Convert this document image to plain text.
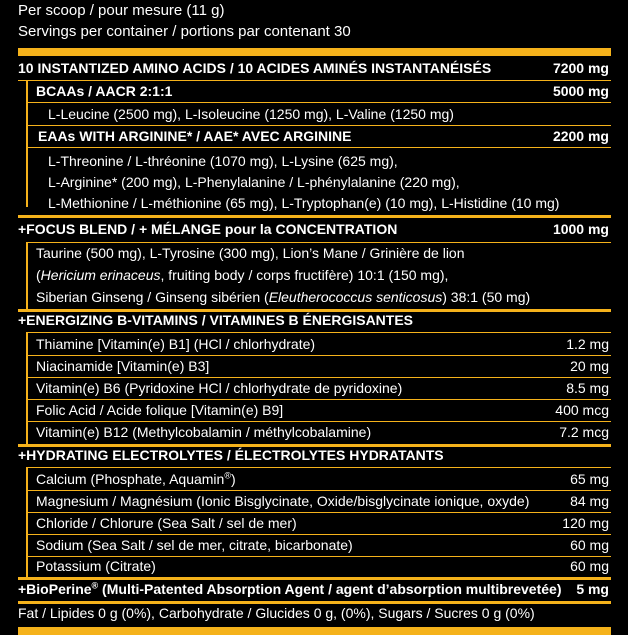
Per scoop / pour mesure (11 g)
Servings per container / portions par contenant 30
10 INSTANTIZED AMINO ACIDS / 10 ACIDES AMINÉS INSTANTANÉISÉS	7200 mg
BCAAs / AACR 2:1:1	5000 mg
L-Leucine (2500 mg), L-Isoleucine (1250 mg), L-Valine (1250 mg)
EAAs WITH ARGININE* / AAE* AVEC ARGININE	2200 mg
L-Threonine / L-thréonine (1070 mg), L-Lysine (625 mg),
L-Arginine* (200 mg), L-Phenylalanine / L-phénylalanine (220 mg),
L-Methionine / L-méthionine (65 mg), L-Tryptophan(e) (10 mg), L-Histidine (10 mg)
+FOCUS BLEND / + MÉLANGE pour la CONCENTRATION	1000 mg
Taurine (500 mg), L-Tyrosine (300 mg), Lion’s Mane / Grinière de lion
(Hericium erinaceus, fruiting body / corps fructifère) 10:1 (150 mg),
Siberian Ginseng / Ginseng sibérien (Eleutherococcus senticosus) 38:1 (50 mg)
+ENERGIZING B-VITAMINS / VITAMINES B ÉNERGISANTES
Thiamine [Vitamin(e) B1] (HCl / chlorhydrate)	1.2 mg
Niacinamide [Vitamin(e) B3]	20 mg
Vitamin(e) B6 (Pyridoxine HCl / chlorhydrate de pyridoxine)	8.5 mg
Folic Acid / Acide folique [Vitamin(e) B9]	400 mcg
Vitamin(e) B12 (Methylcobalamin / méthylcobalamine)	7.2 mcg
+HYDRATING ELECTROLYTES / ÉLECTROLYTES HYDRATANTS
Calcium (Phosphate, Aquamin®)	65 mg
Magnesium / Magnésium (Ionic Bisglycinate, Oxide/bisglycinate ionique, oxyde)	84 mg
Chloride / Chlorure (Sea Salt / sel de mer)	120 mg
Sodium (Sea Salt / sel de mer, citrate, bicarbonate)	60 mg
Potassium (Citrate)	60 mg
+BioPerine® (Multi-Patented Absorption Agent / agent d’absorption multibrevetée) 5 mg
Fat / Lipides 0 g (0%), Carbohydrate / Glucides 0 g, (0%), Sugars / Sucres 0 g (0%)
